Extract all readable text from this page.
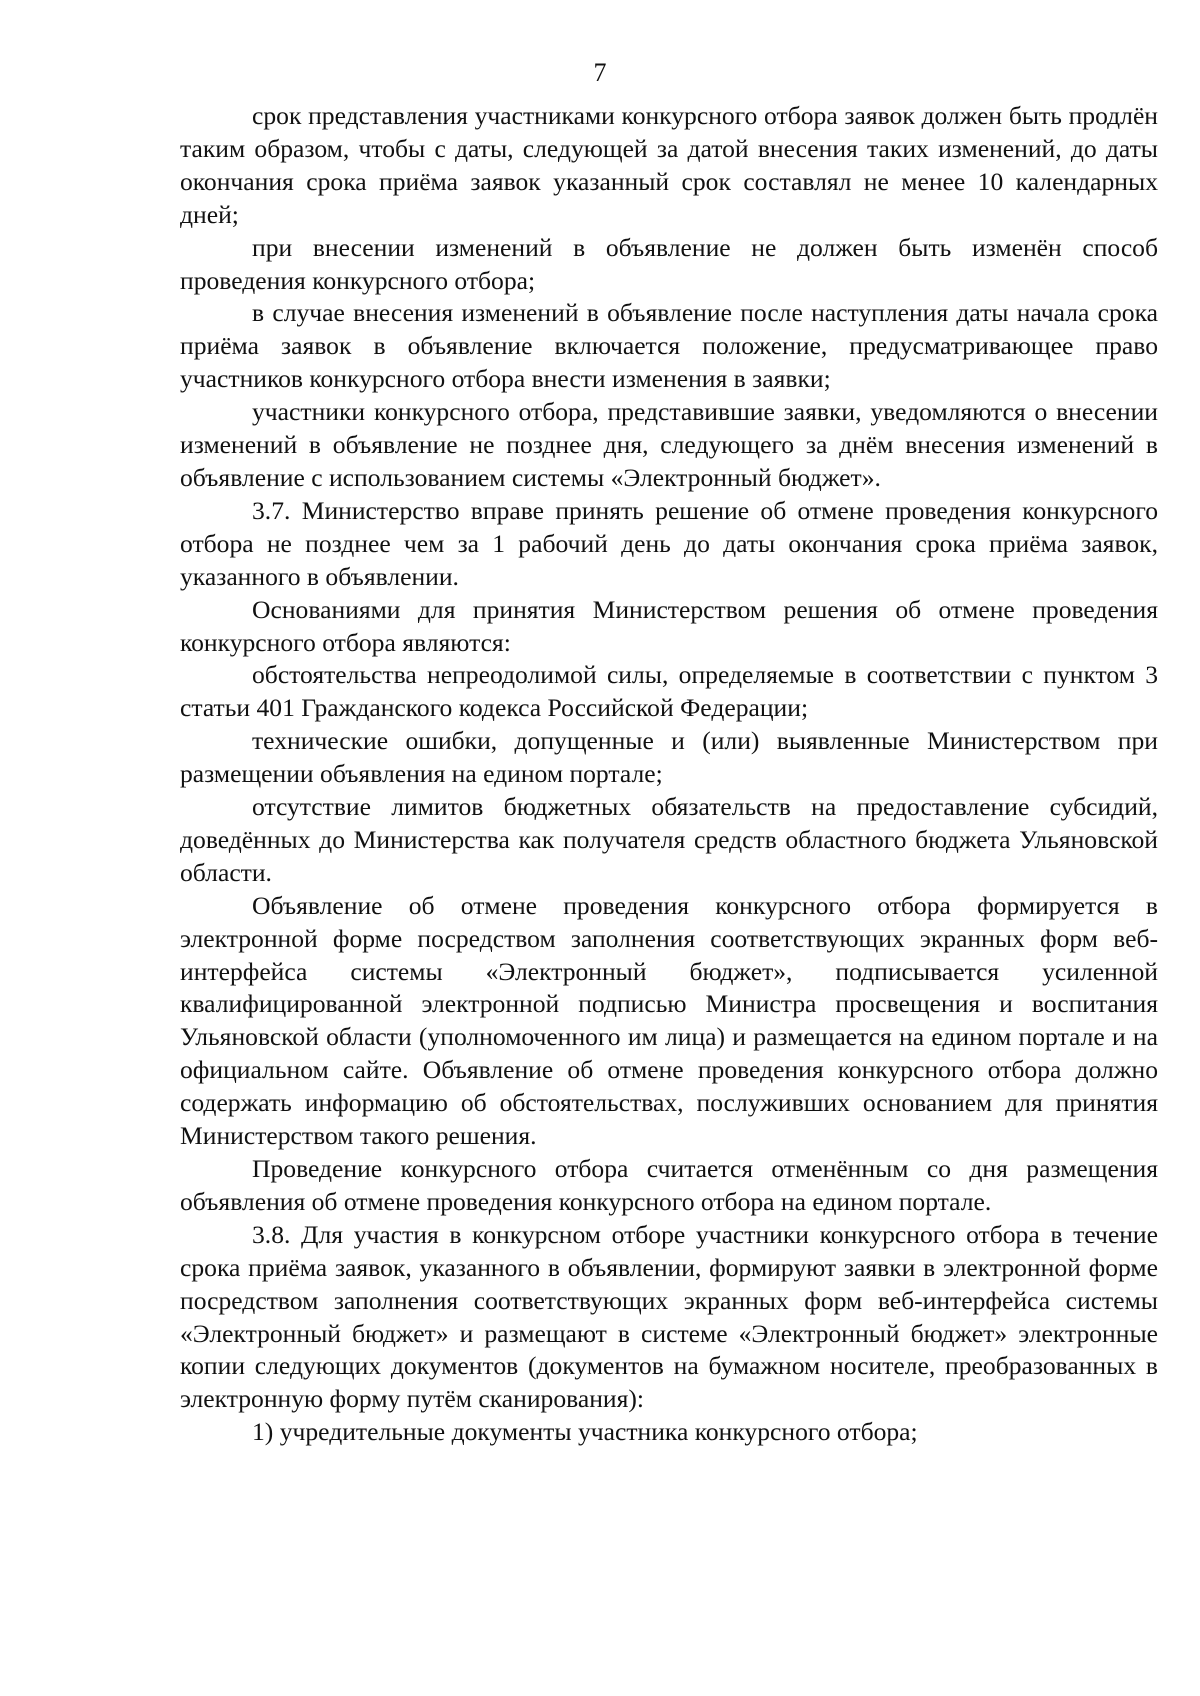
7

срок представления участниками конкурсного отбора заявок должен быть продлён таким образом, чтобы с даты, следующей за датой внесения таких изменений, до даты окончания срока приёма заявок указанный срок составлял не менее 10 календарных дней;

при внесении изменений в объявление не должен быть изменён способ проведения конкурсного отбора;

в случае внесения изменений в объявление после наступления даты начала срока приёма заявок в объявление включается положение, предусматривающее право участников конкурсного отбора внести изменения в заявки;

участники конкурсного отбора, представившие заявки, уведомляются о внесении изменений в объявление не позднее дня, следующего за днём внесения изменений в объявление с использованием системы «Электронный бюджет».

3.7. Министерство вправе принять решение об отмене проведения конкурсного отбора не позднее чем за 1 рабочий день до даты окончания срока приёма заявок, указанного в объявлении.

Основаниями для принятия Министерством решения об отмене проведения конкурсного отбора являются:

обстоятельства непреодолимой силы, определяемые в соответствии с пунктом 3 статьи 401 Гражданского кодекса Российской Федерации;

технические ошибки, допущенные и (или) выявленные Министерством при размещении объявления на едином портале;

отсутствие лимитов бюджетных обязательств на предоставление субсидий, доведённых до Министерства как получателя средств областного бюджета Ульяновской области.

Объявление об отмене проведения конкурсного отбора формируется в электронной форме посредством заполнения соответствующих экранных форм веб-интерфейса системы «Электронный бюджет», подписывается усиленной квалифицированной электронной подписью Министра просвещения и воспитания Ульяновской области (уполномоченного им лица) и размещается на едином портале и на официальном сайте. Объявление об отмене проведения конкурсного отбора должно содержать информацию об обстоятельствах, послуживших основанием для принятия Министерством такого решения.

Проведение конкурсного отбора считается отменённым со дня размещения объявления об отмене проведения конкурсного отбора на едином портале.

3.8. Для участия в конкурсном отборе участники конкурсного отбора в течение срока приёма заявок, указанного в объявлении, формируют заявки в электронной форме посредством заполнения соответствующих экранных форм веб-интерфейса системы «Электронный бюджет» и размещают в системе «Электронный бюджет» электронные копии следующих документов (документов на бумажном носителе, преобразованных в электронную форму путём сканирования):

1) учредительные документы участника конкурсного отбора;
